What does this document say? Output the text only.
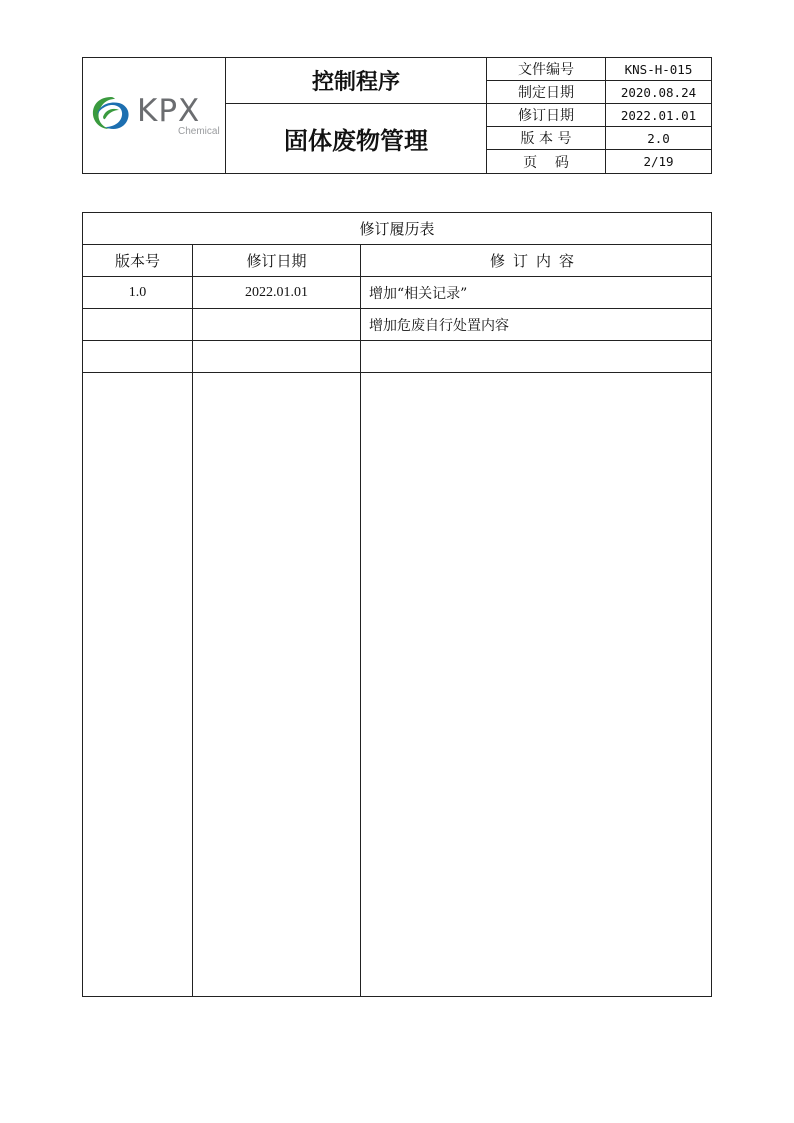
KPX
Chemical
控制程序
固体废物管理
文件编号	KNS-H-015
制定日期	2020.08.24
修订日期	2022.01.01
版 本 号	2.0
页    码	2/19
修订履历表		
版本号	修订日期	修订内容
1.0	2022.01.01	增加“相关记录”
		增加危废自行处置内容
